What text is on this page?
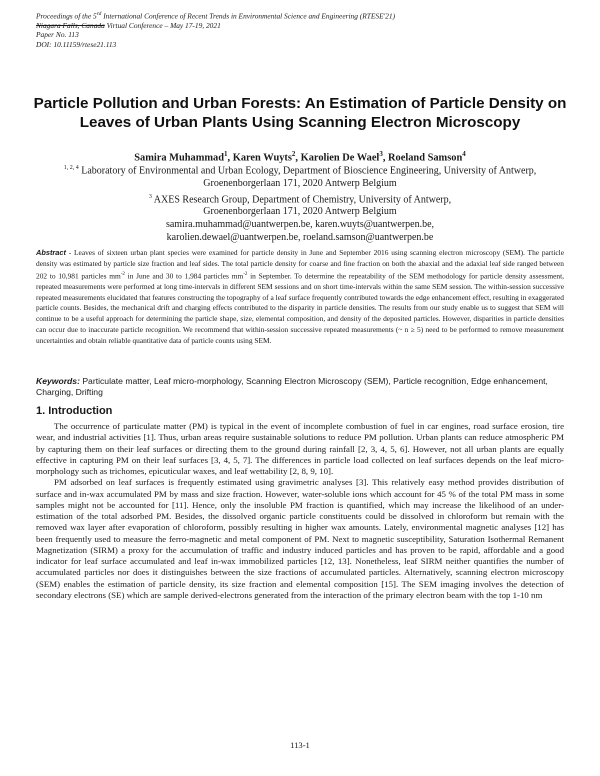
Proceedings of the 5rd International Conference of Recent Trends in Environmental Science and Engineering (RTESE'21)
Niagara Falls, Canada Virtual Conference – May 17-19, 2021
Paper No. 113
DOI: 10.11159/rtese21.113
Particle Pollution and Urban Forests: An Estimation of Particle Density on Leaves of Urban Plants Using Scanning Electron Microscopy
Samira Muhammad$^1$, Karen Wuyts$^2$, Karolien De Wael$^3$, Roeland Samson$^4$
$^{1, 2, 4}$ Laboratory of Environmental and Urban Ecology, Department of Bioscience Engineering, University of Antwerp,
Groenenborgerlaan 171, 2020 Antwerp Belgium
$^3$ AXES Research Group, Department of Chemistry, University of Antwerp,
Groenenborgerlaan 171, 2020 Antwerp Belgium
samira.muhammad@uantwerpen.be, karen.wuyts@uantwerpen.be,
karolien.dewael@uantwerpen.be, roeland.samson@uantwerpen.be
Abstract - Leaves of sixteen urban plant species were examined for particle density in June and September 2016 using scanning electron microscopy (SEM). The particle density was estimated by particle size fraction and leaf sides. The total particle density for coarse and fine fraction on both the abaxial and the adaxial leaf side ranged between 202 to 10,981 particles $mm^{-2}$ in June and 30 to 1,984 particles $mm^{-2}$ in September. To determine the repeatability of the SEM methodology for particle density assessment, repeated measurements were performed at long time-intervals in different SEM sessions and on short time-intervals within the same SEM session. The within-session successive repeated measurements elucidated that features constructing the topography of a leaf surface frequently contributed towards the edge enhancement effect, resulting in exaggerated particle counts. Besides, the mechanical drift and charging effects contributed to the disparity in particle densities. The results from our study enable us to suggest that SEM will continue to be a useful approach for determining the particle shape, size, elemental composition, and density of the deposited particles. However, disparities in particle densities can occur due to inaccurate particle recognition. We recommend that within-session successive repeated measurements (~ n ≥ 5) need to be performed to remove measurement uncertainties and obtain reliable quantitative data of particle counts using SEM.
Keywords: Particulate matter, Leaf micro-morphology, Scanning Electron Microscopy (SEM), Particle recognition, Edge enhancement, Charging, Drifting
1. Introduction

The occurrence of particulate matter (PM) is typical in the event of incomplete combustion of fuel in car engines, road surface erosion, tire wear, and industrial activities [1]. Thus, urban areas require sustainable solutions to reduce PM pollution. Urban plants can reduce atmospheric PM by capturing them on their leaf surfaces or directing them to the ground during rainfall [2, 3, 4, 5, 6]. However, not all urban plants are equally effective in capturing PM on their leaf surfaces [3, 4, 5, 7]. The differences in particle load collected on leaf surfaces depends on the leaf micro-morphology such as trichomes, epicuticular waxes, and leaf wettability [2, 8, 9, 10].

PM adsorbed on leaf surfaces is frequently estimated using gravimetric analyses [3]. This relatively easy method provides distribution of surface and in-wax accumulated PM by mass and size fraction. However, water-soluble ions which account for 45 % of the total PM mass in some samples might not be accounted for [11]. Hence, only the insoluble PM fraction is quantified, which may increase the likelihood of an under-estimation of the total adsorbed PM. Besides, the dissolved organic particle constituents could be dissolved in chloroform but remain with the removed wax layer after evaporation of chloroform, possibly resulting in higher wax amounts. Lately, environmental magnetic analyses [12] has been frequently used to measure the ferro-magnetic and metal component of PM. Next to magnetic susceptibility, Saturation Isothermal Remanent Magnetization (SIRM) a proxy for the accumulation of traffic and industry induced particles and has proven to be rapid, affordable and a good indicator for leaf surface accumulated and leaf in-wax immobilized particles [12, 13]. Nonetheless, leaf SIRM neither quantifies the number of accumulated particles nor does it distinguishes between the size fractions of accumulated particles. Alternatively, scanning electron microscopy (SEM) enables the estimation of particle density, its size fraction and elemental composition [15]. The SEM imaging involves the detection of secondary electrons (SE) which are sample derived-electrons generated from the interaction of the primary electron beam with the top 1-10 nm

113-1
